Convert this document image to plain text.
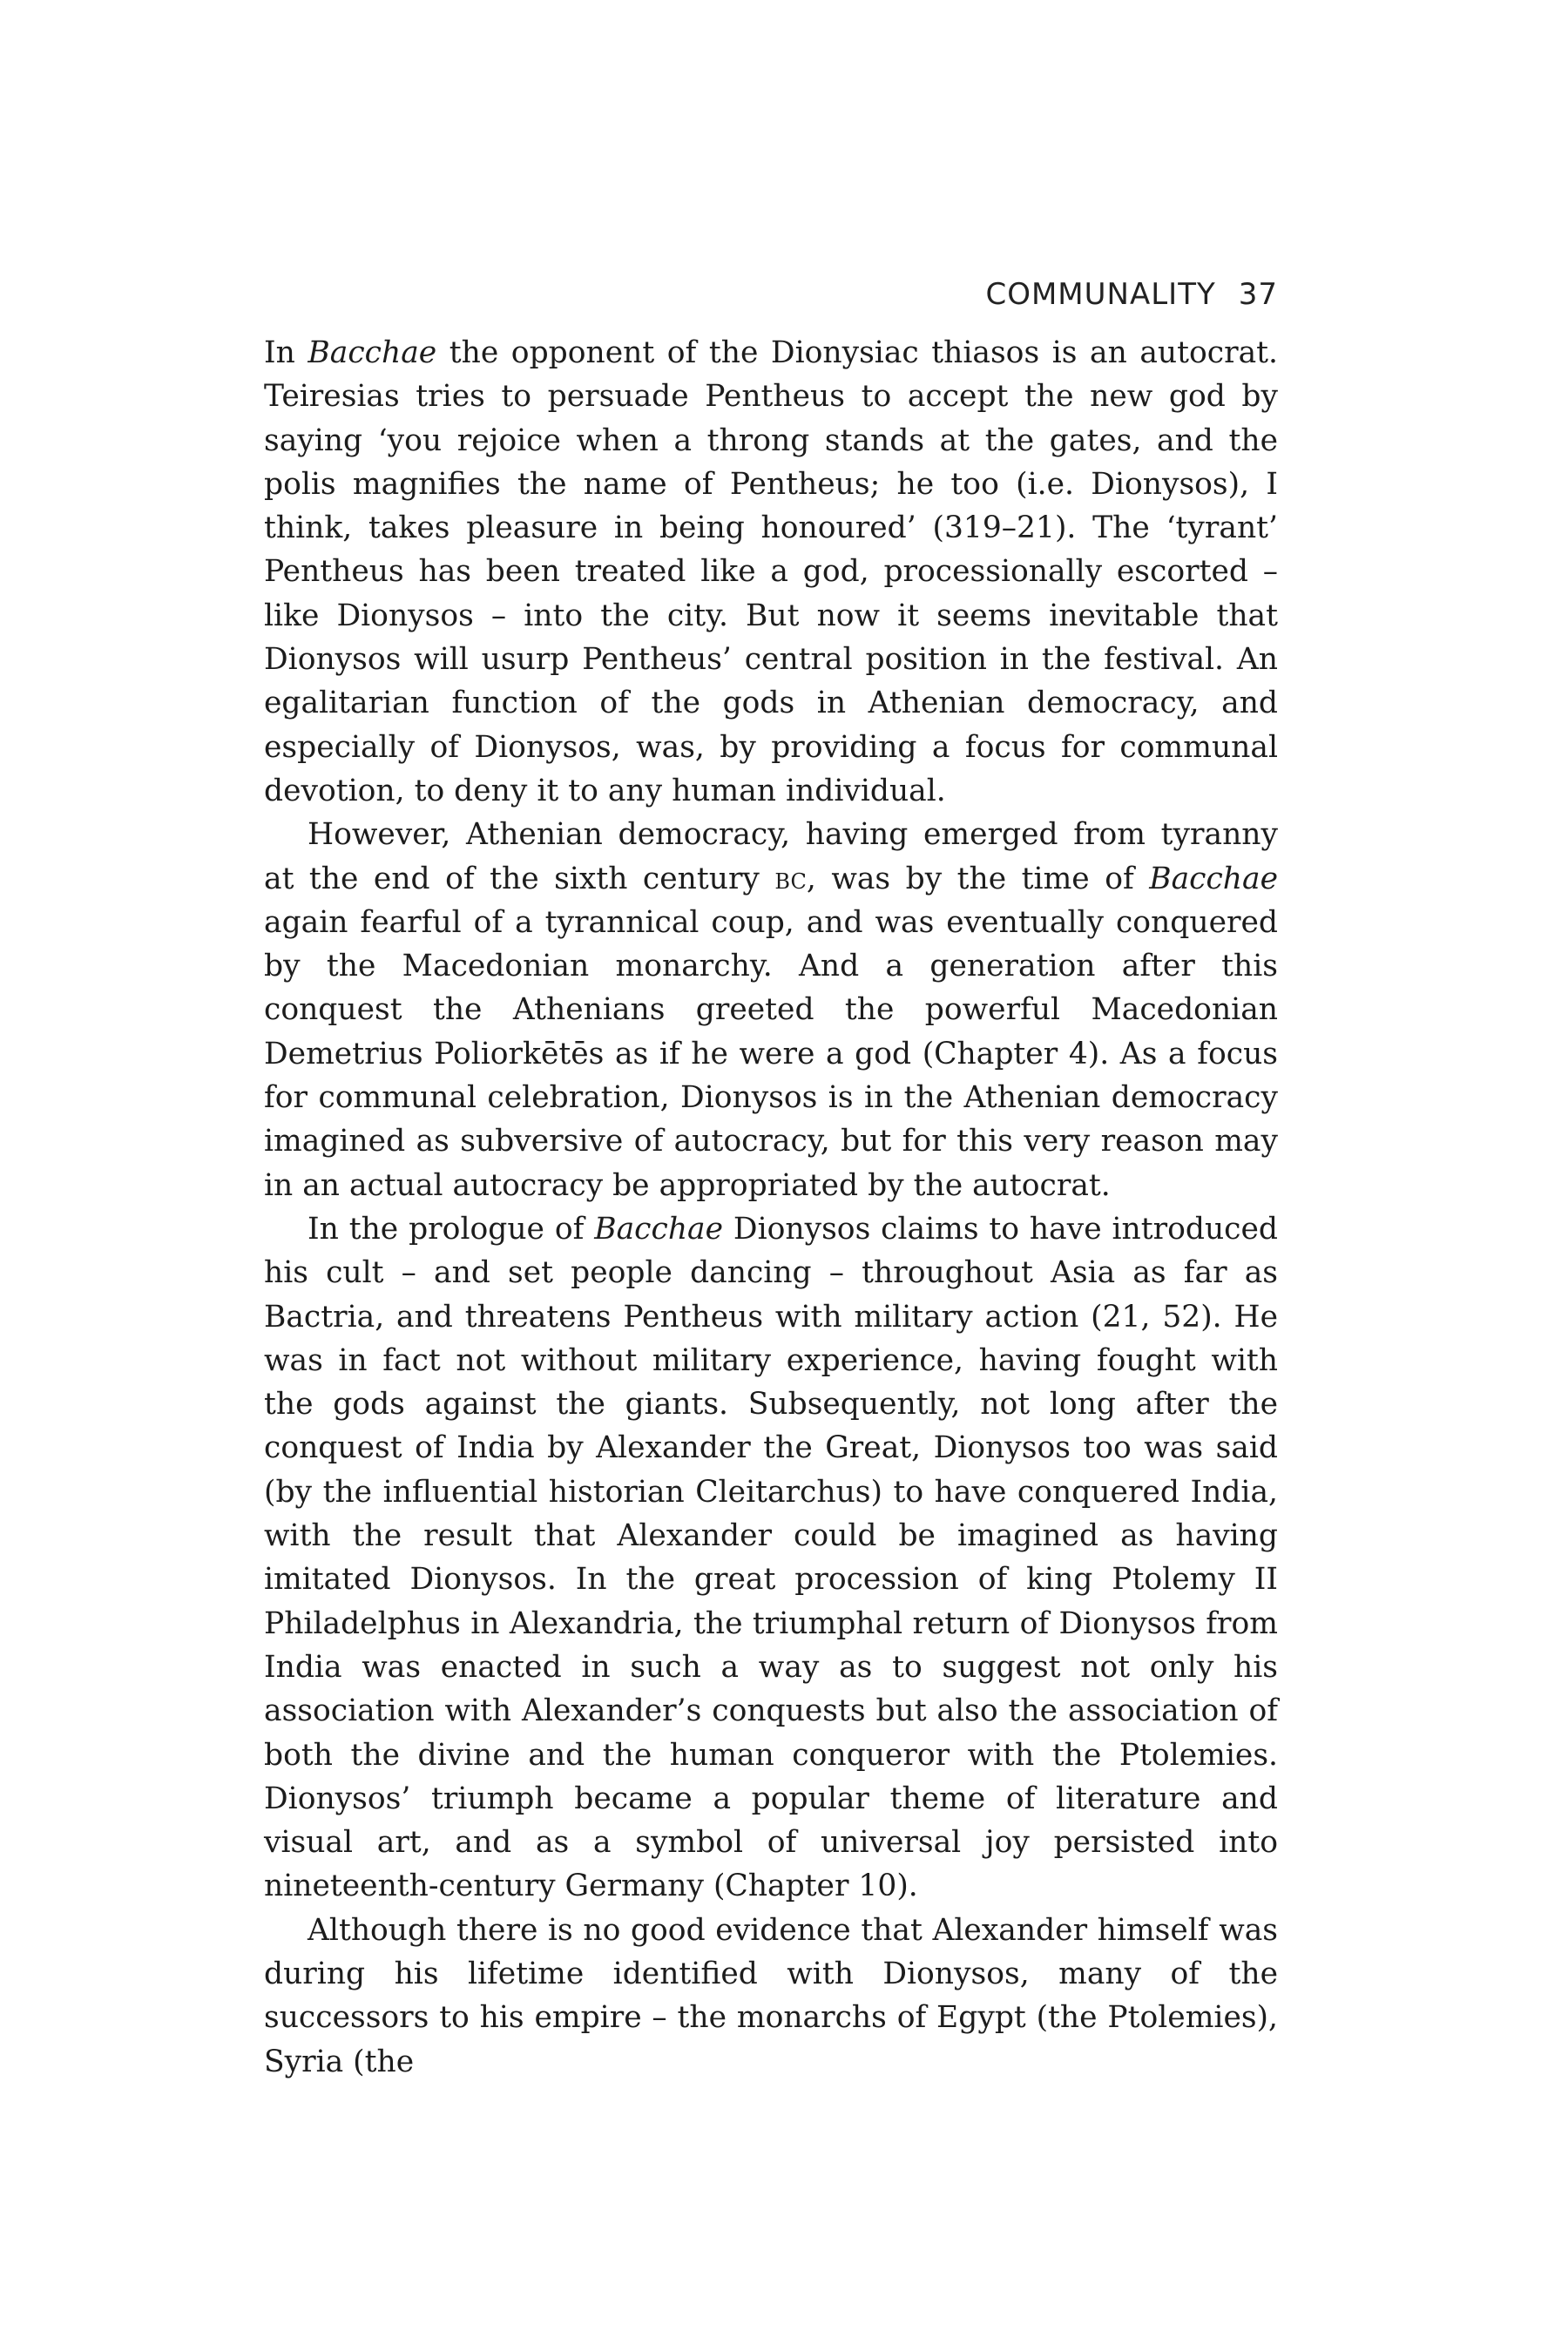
COMMUNALITY 37

In Bacchae the opponent of the Dionysiac thiasos is an autocrat. Teiresias tries to persuade Pentheus to accept the new god by saying ‘you rejoice when a throng stands at the gates, and the polis magnifies the name of Pentheus; he too (i.e. Dionysos), I think, takes pleasure in being honoured’ (319–21). The ‘tyrant’ Pentheus has been treated like a god, processionally escorted – like Dionysos – into the city. But now it seems inevitable that Dionysos will usurp Pentheus’ central position in the festival. An egalitarian function of the gods in Athenian democracy, and especially of Dionysos, was, by providing a focus for communal devotion, to deny it to any human individual.

However, Athenian democracy, having emerged from tyranny at the end of the sixth century bc, was by the time of Bacchae again fearful of a tyrannical coup, and was eventually conquered by the Macedonian monarchy. And a generation after this conquest the Athenians greeted the powerful Macedonian Demetrius Poliorkētēs as if he were a god (Chapter 4). As a focus for communal celebration, Dionysos is in the Athenian democracy imagined as subversive of autocracy, but for this very reason may in an actual autocracy be appropriated by the autocrat.

In the prologue of Bacchae Dionysos claims to have introduced his cult – and set people dancing – throughout Asia as far as Bactria, and threatens Pentheus with military action (21, 52). He was in fact not without military experience, having fought with the gods against the giants. Subsequently, not long after the conquest of India by Alexander the Great, Dionysos too was said (by the influential historian Cleitarchus) to have conquered India, with the result that Alexander could be imagined as having imitated Dionysos. In the great procession of king Ptolemy II Philadelphus in Alexandria, the triumphal return of Dionysos from India was enacted in such a way as to suggest not only his association with Alexander’s conquests but also the association of both the divine and the human conqueror with the Ptolemies. Dionysos’ triumph became a popular theme of literature and visual art, and as a symbol of universal joy persisted into nineteenth-century Germany (Chapter 10).

Although there is no good evidence that Alexander himself was during his lifetime identified with Dionysos, many of the successors to his empire – the monarchs of Egypt (the Ptolemies), Syria (the
